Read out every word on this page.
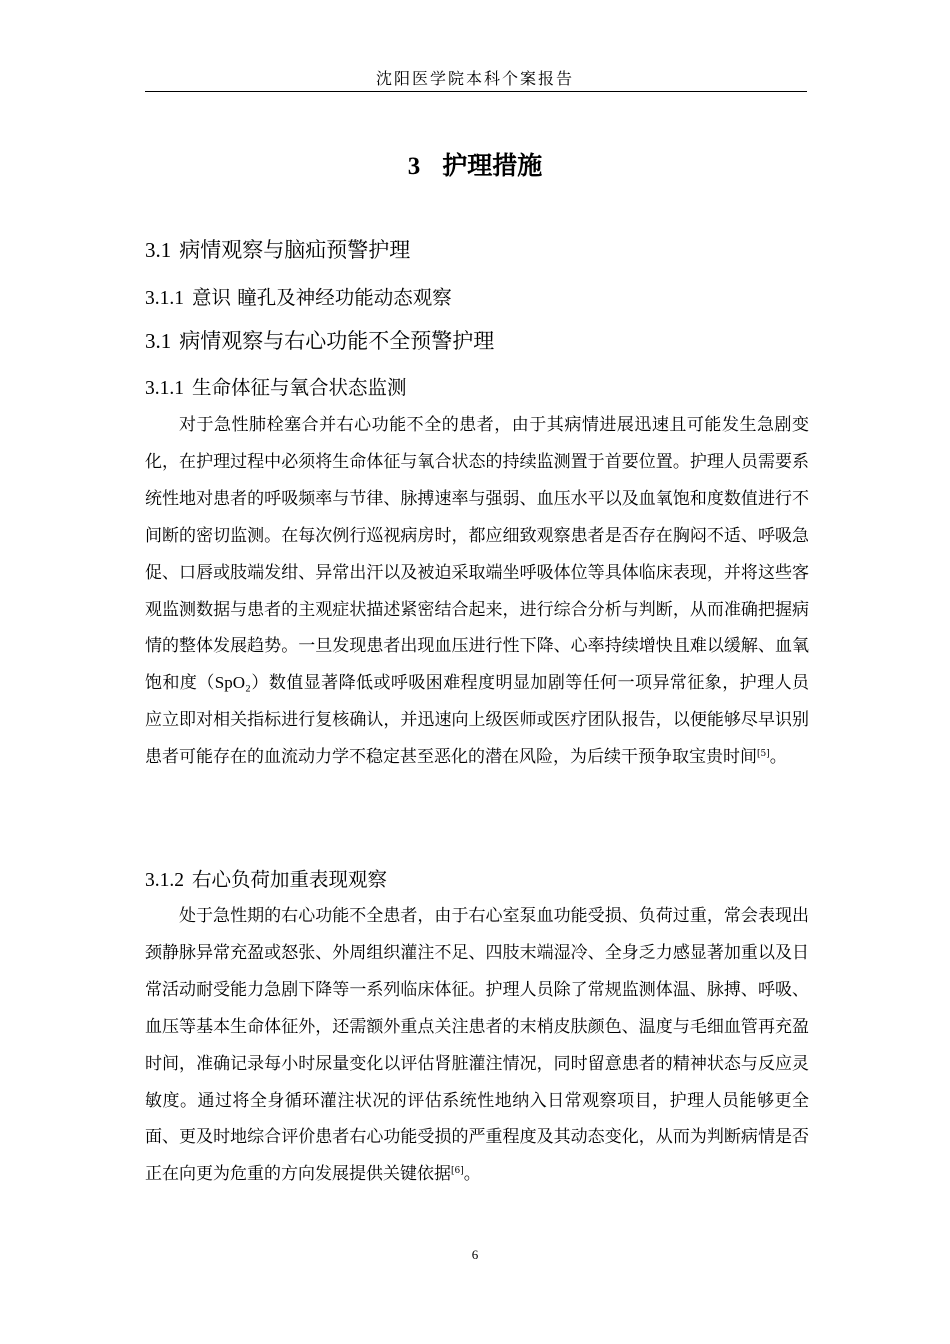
沈阳医学院本科个案报告
3 护理措施
3.1 病情观察与脑疝预警护理
3.1.1 意识 瞳孔及神经功能动态观察
3.1 病情观察与右心功能不全预警护理
3.1.1 生命体征与氧合状态监测

对于急性肺栓塞合并右心功能不全的患者，由于其病情进展迅速且可能发生急剧变化，在护理过程中必须将生命体征与氧合状态的持续监测置于首要位置。护理人员需要系统性地对患者的呼吸频率与节律、脉搏速率与强弱、血压水平以及血氧饱和度数值进行不间断的密切监测。在每次例行巡视病房时，都应细致观察患者是否存在胸闷不适、呼吸急促、口唇或肢端发绀、异常出汗以及被迫采取端坐呼吸体位等具体临床表现，并将这些客观监测数据与患者的主观症状描述紧密结合起来，进行综合分析与判断，从而准确把握病情的整体发展趋势。一旦发现患者出现血压进行性下降、心率持续增快且难以缓解、血氧饱和度（SpO₂）数值显著降低或呼吸困难程度明显加剧等任何一项异常征象，护理人员应立即对相关指标进行复核确认，并迅速向上级医师或医疗团队报告，以便能够尽早识别患者可能存在的血流动力学不稳定甚至恶化的潜在风险，为后续干预争取宝贵时间[5]。

3.1.2 右心负荷加重表现观察

处于急性期的右心功能不全患者，由于右心室泵血功能受损、负荷过重，常会表现出颈静脉异常充盈或怒张、外周组织灌注不足、四肢末端湿冷、全身乏力感显著加重以及日常活动耐受能力急剧下降等一系列临床体征。护理人员除了常规监测体温、脉搏、呼吸、血压等基本生命体征外，还需额外重点关注患者的末梢皮肤颜色、温度与毛细血管再充盈时间，准确记录每小时尿量变化以评估肾脏灌注情况，同时留意患者的精神状态与反应灵敏度。通过将全身循环灌注状况的评估系统性地纳入日常观察项目，护理人员能够更全面、更及时地综合评价患者右心功能受损的严重程度及其动态变化，从而为判断病情是否正在向更为危重的方向发展提供关键依据[6]。

6
